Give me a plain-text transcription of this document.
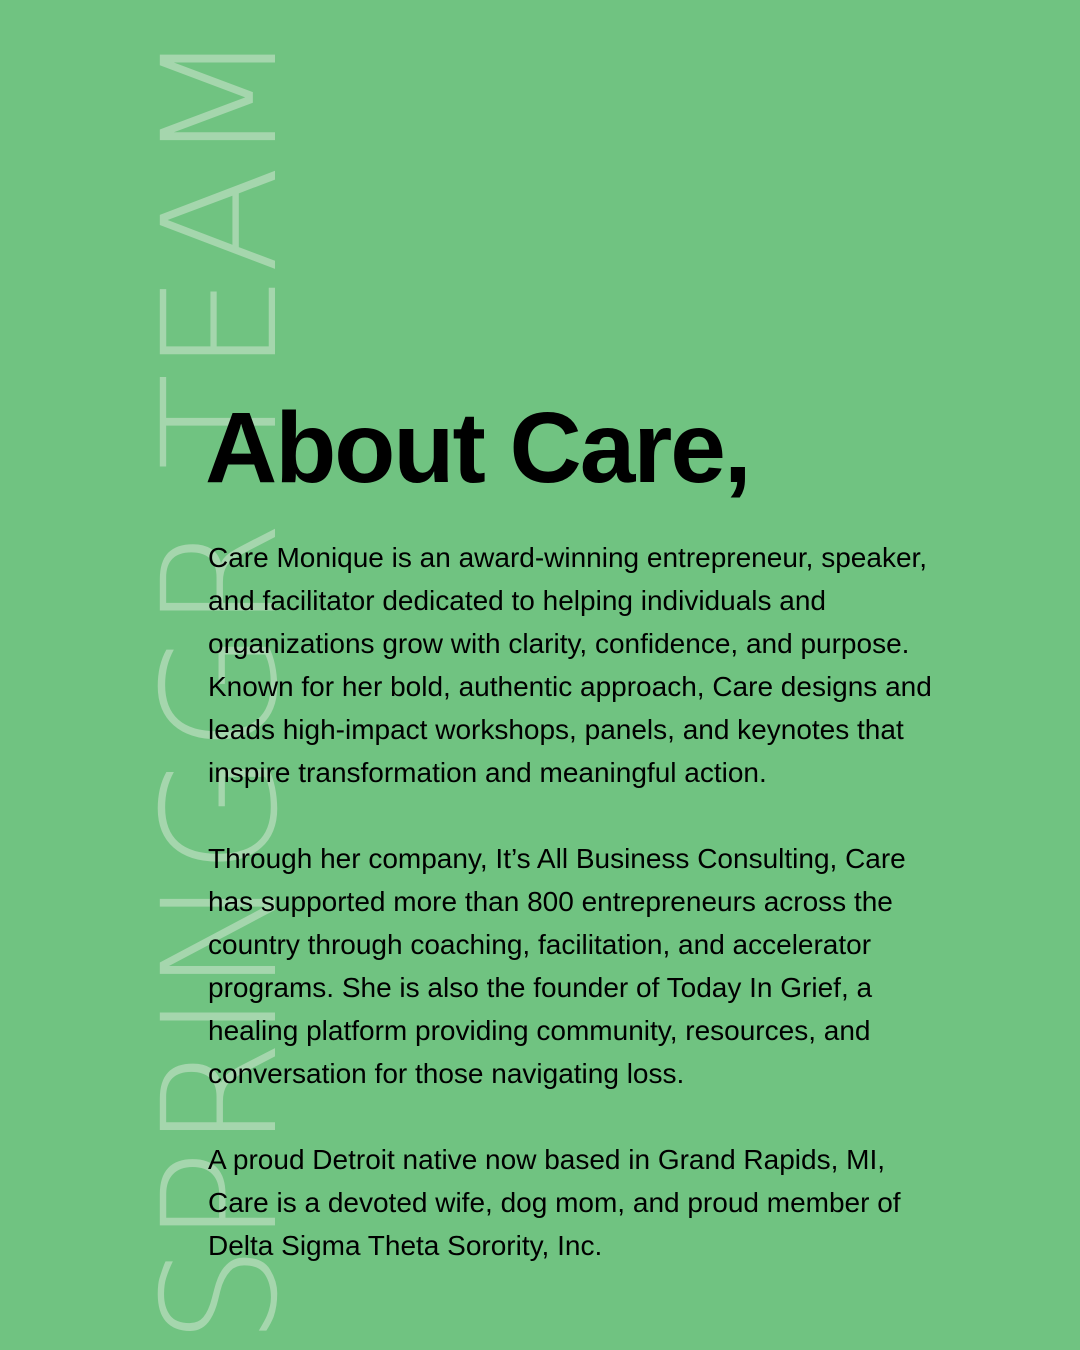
SPRINGGR TEAM
About Care,

Care Monique is an award-winning entrepreneur, speaker,
and facilitator dedicated to helping individuals and
organizations grow with clarity, confidence, and purpose.
Known for her bold, authentic approach, Care designs and
leads high-impact workshops, panels, and keynotes that
inspire transformation and meaningful action.

Through her company, It’s All Business Consulting, Care
has supported more than 800 entrepreneurs across the
country through coaching, facilitation, and accelerator
programs. She is also the founder of Today In Grief, a
healing platform providing community, resources, and
conversation for those navigating loss.

A proud Detroit native now based in Grand Rapids, MI,
Care is a devoted wife, dog mom, and proud member of
Delta Sigma Theta Sorority, Inc.
